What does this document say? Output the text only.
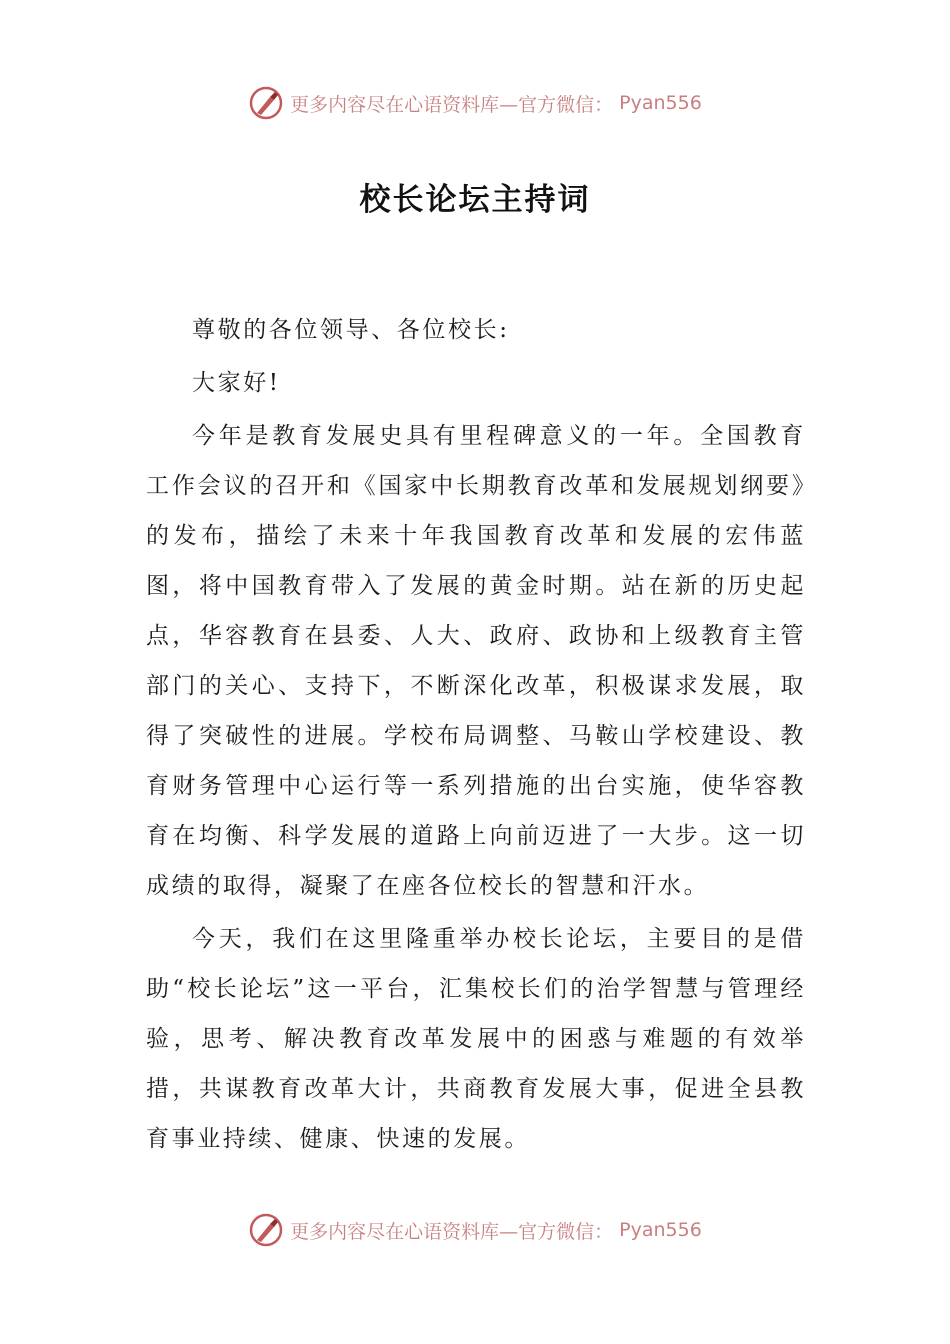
更多内容尽在心语资料库—官方微信： Pyan556
校长论坛主持词

尊敬的各位领导、各位校长:

大家好!

今年是教育发展史具有里程碑意义的一年。全国教育工作会议的召开和《国家中长期教育改革和发展规划纲要》的发布，描绘了未来十年我国教育改革和发展的宏伟蓝图，将中国教育带入了发展的黄金时期。站在新的历史起点，华容教育在县委、人大、政府、政协和上级教育主管部门的关心、支持下，不断深化改革，积极谋求发展，取得了突破性的进展。学校布局调整、马鞍山学校建设、教育财务管理中心运行等一系列措施的出台实施，使华容教育在均衡、科学发展的道路上向前迈进了一大步。这一切成绩的取得，凝聚了在座各位校长的智慧和汗水。

今天，我们在这里隆重举办校长论坛，主要目的是借助“校长论坛”这一平台，汇集校长们的治学智慧与管理经验，思考、解决教育改革发展中的困惑与难题的有效举措，共谋教育改革大计，共商教育发展大事，促进全县教育事业持续、健康、快速的发展。

更多内容尽在心语资料库—官方微信： Pyan556
